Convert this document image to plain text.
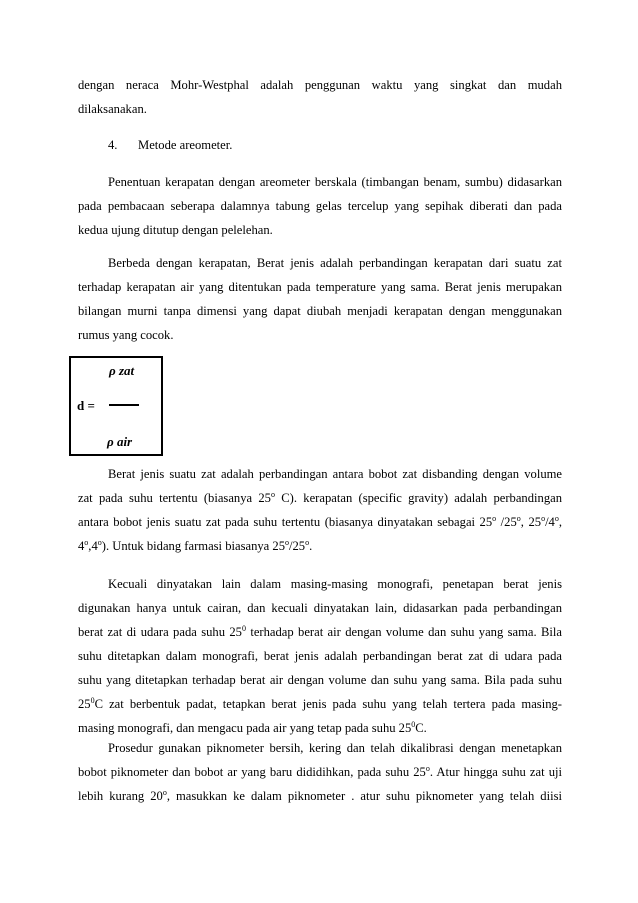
dengan neraca Mohr-Westphal adalah penggunan waktu yang singkat dan mudah
dilaksanakan.
4. Metode areometer.
Penentuan kerapatan dengan areometer berskala (timbangan benam, sumbu) didasarkan
pada pembacaan seberapa dalamnya tabung gelas tercelup yang sepihak diberati dan pada
kedua ujung ditutup dengan pelelehan.
Berbeda dengan kerapatan, Berat jenis adalah perbandingan kerapatan dari suatu zat
terhadap kerapatan air yang ditentukan pada temperature yang sama. Berat jenis merupakan
bilangan murni tanpa dimensi yang dapat diubah menjadi kerapatan dengan menggunakan
rumus yang cocok.
ρ zat
d =
ρ air
Berat jenis suatu zat adalah perbandingan antara bobot zat disbanding dengan volume
zat pada suhu tertentu (biasanya 25$^o$ C). kerapatan (specific gravity) adalah perbandingan
antara bobot jenis suatu zat pada suhu tertentu (biasanya dinyatakan sebagai 25$^o$ /25$^o$, 25$^o$/4$^o$,
4$^o$,4$^o$). Untuk bidang farmasi biasanya 25$^o$/25$^o$.
Kecuali dinyatakan lain dalam masing-masing monografi, penetapan berat jenis
digunakan hanya untuk cairan, dan kecuali dinyatakan lain, didasarkan pada perbandingan
berat zat di udara pada suhu $25^0$ terhadap berat air dengan volume dan suhu yang sama. Bila
suhu ditetapkan dalam monografi, berat jenis adalah perbandingan berat zat di udara pada
suhu yang ditetapkan terhadap berat air dengan volume dan suhu yang sama. Bila pada suhu
$25^0C$ zat berbentuk padat, tetapkan berat jenis pada suhu yang telah tertera pada masing-
masing monografi, dan mengacu pada air yang tetap pada suhu $25^0C$.
Prosedur gunakan piknometer bersih, kering dan telah dikalibrasi dengan menetapkan
bobot piknometer dan bobot ar yang baru dididihkan, pada suhu 25$^o$. Atur hingga suhu zat uji
lebih kurang 20$^o$, masukkan ke dalam piknometer . atur suhu piknometer yang telah diisi
